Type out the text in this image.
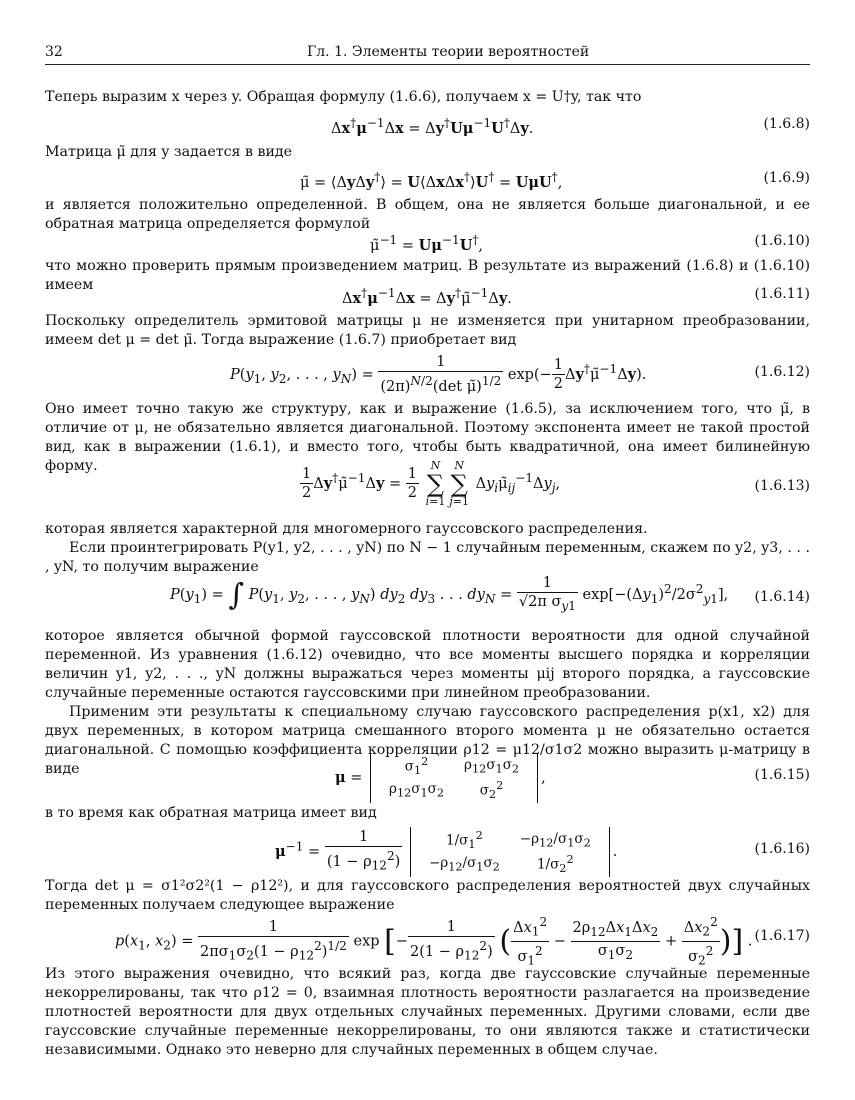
32	Гл. 1. Элементы теории вероятностей

Теперь выразим x через y. Обращая формулу (1.6.6), получаем x = U†y, так что

$\Delta x^\dagger\mu^{-1}\Delta x = \Delta y^\dagger U\mu^{-1}U^\dagger\Delta y$.	(1.6.8)

Матрица μ̃ для y задается в виде

μ̃ = ⟨ΔyΔy†⟩ = U⟨ΔxΔx†⟩U† = UμU†,	(1.6.9)

и является положительно определенной. В общем, она не является больше диагональной, и ее обратная матрица определяется формулой

μ̃$^{-1}$ = $U\mu^{-1}U^\dagger$,	(1.6.10)

что можно проверить прямым произведением матриц. В результате из выражений (1.6.8) и (1.6.10) имеем

$\Delta x^\dagger\mu^{-1}\Delta x$ = Δy†μ̃$^{-1}$Δy.	(1.6.11)

Поскольку определитель эрмитовой матрицы μ не изменяется при унитарном преобразовании, имеем det μ = det μ̃. Тогда выражение (1.6.7) приобретает вид

$P(y_1$, $y_2$, . . . , $y_N$) =
1
$(2\pi)^{N/2}(\det$ μ̃)$^{1/2}$ $\exp(- \frac{1}{2}$ Δy†μ̃$^{-1}$Δy).	(1.6.12)

Оно имеет точно такую же структуру, как и выражение (1.6.5), за исключением того, что μ̃, в отличие от μ, не обязательно является диагональной. Поэтому экспонента имеет не такой простой вид, как в выражении (1.6.1), и вместо того, чтобы быть квадратичной, она имеет билинейную форму.	$\frac{1}{2}$ Δy†μ̃$^{-1}$Δy = $\frac{1}{2}$
N
∑
i=1N
∑
j=1 $\Delta y_i\mũ_{ij}^{-1}\Delta y_j$,	(1.6.13)

которая является характерной для многомерного гауссовского распределения.

Если проинтегрировать P(y1, y2, . . . , yN) по N − 1 случайным переменным, скажем по y2, y3, . . . , yN, то получим выражение

$P(y_1)$ = ∫ $P(y_1$, $y_2$, . . . , $y_N$) $dy_2$ $dy_3$ . . . $dy_N = \frac{1}{√2\pi \sigma_{y1}} \exp[-(\Delta y_1)^2/2\sigma^2_{y1}]$, (1.6.14)

которое является обычной формой гауссовской плотности вероятности для одной случайной переменной. Из уравнения (1.6.12) очевидно, что все моменты высшего порядка и корреляции величин y1, y2, . . ., yN должны выражаться через моменты μij второго порядка, а гауссовские случайные переменные остаются гауссовскими при линейном преобразовании.

Применим эти результаты к специальному случаю гауссовского распределения p(x1, x2) для двух переменных, в котором матрица смешанного второго момента μ не обязательно остается диагональной. С помощью коэффициента корреляции ρ12 = μ12/σ1σ2 можно выразить μ-матрицу в виде

μ =
$\sigma_1^2$	$\rho_{12}\sigma_1\sigma_2$
$\rho_{12}\sigma_1\sigma_2$	$\sigma_2^2$	,	(1.6.15)

в то время как обратная матрица имеет вид

$\mu^{-1} = \frac{1}{(1 - \rho_{12}^2)}$
	$1/\sigma_1^2$	$-\rho_{12}/\sigma_1\sigma_2$
$-\rho_{12}/\sigma_1\sigma_2$	$1/\sigma_2^2$	.	(1.6.16)

Тогда det μ = σ1²σ2²(1 − ρ12²), и для гауссовского распределения вероятностей двух случайных переменных получаем следующее выражение

$p(x_1$, $x_2) = \frac{1}{2\pi\sigma_1\sigma_2(1 - \rho_{12}^2)^{1/2}}$ exp [− $\frac{1}{2(1 - \rho_{12}^2)}$ ( $\frac{\Delta x_1^2}{\sigma_1^2} - \frac{2\rho_{12}\Delta x_1\Delta x_2}{\sigma_1\sigma_2} + \frac{\Delta x_2^2}{\sigma_2^2}$ )] . (1.6.17)

Из этого выражения очевидно, что всякий раз, когда две гауссовские случайные переменные некоррелированы, так что ρ12 = 0, взаимная плотность вероятности разлагается на произведение плотностей вероятности для двух отдельных случайных переменных. Другими словами, если две гауссовские случайные переменные некоррелированы, то они являются также и статистически независимыми. Однако это неверно для случайных переменных в общем случае.
